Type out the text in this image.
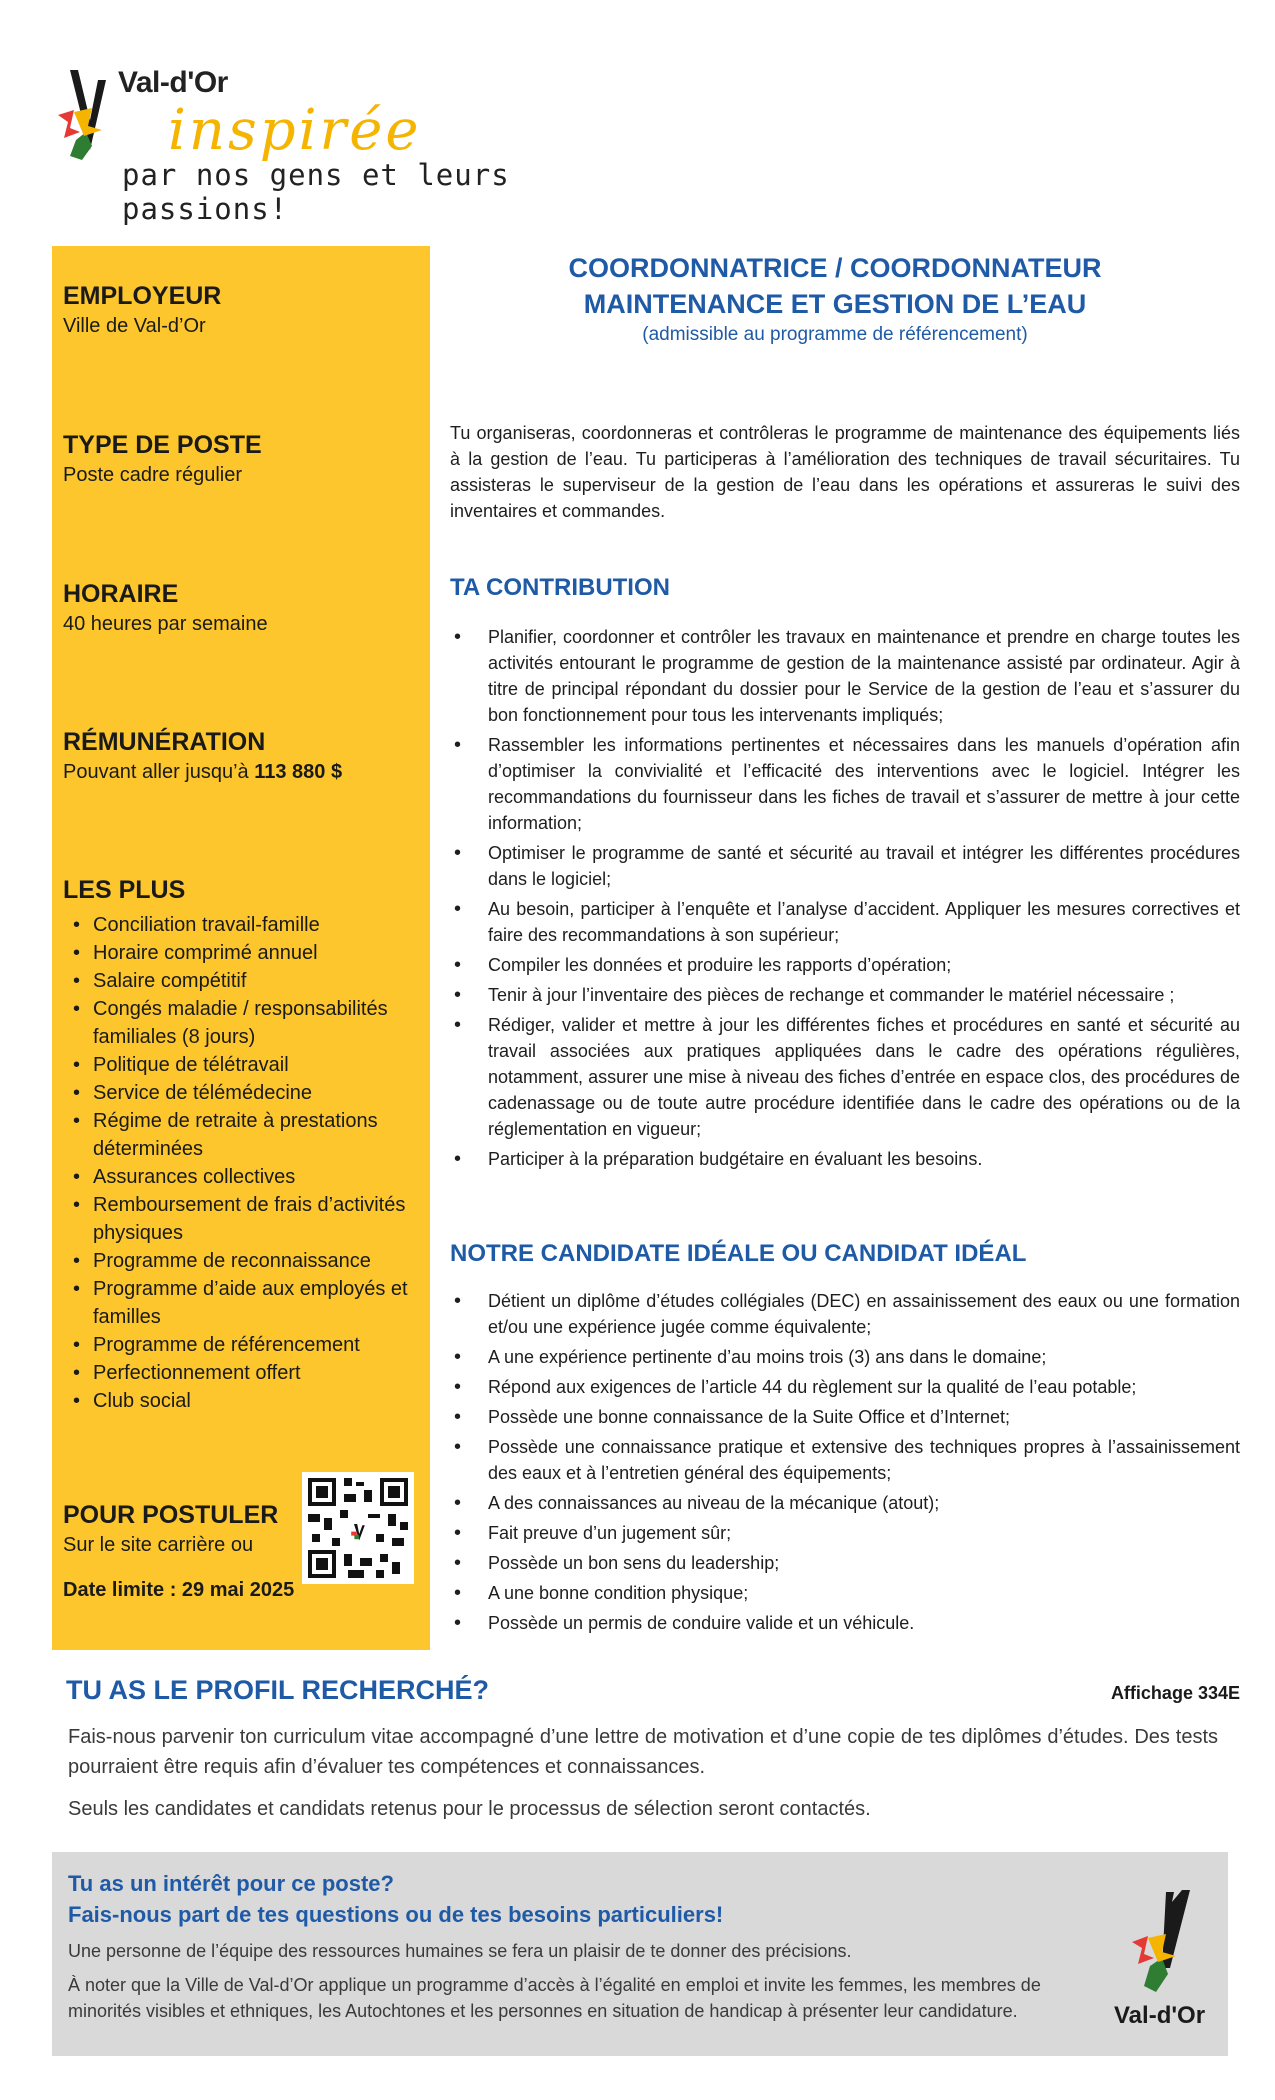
Val-d'Or
inspirée
par nos gens et leurs passions!

EMPLOYEUR

Ville de Val-d’Or

TYPE DE POSTE

Poste cadre régulier

HORAIRE

40 heures par semaine

RÉMUNÉRATION

Pouvant aller jusqu’à 113 880 $

LES PLUS

• Conciliation travail-famille
• Horaire comprimé annuel
• Salaire compétitif
• Congés maladie / responsabilités familiales (8 jours)
• Politique de télétravail
• Service de télémédecine
• Régime de retraite à prestations déterminées
• Assurances collectives
• Remboursement de frais d’activités physiques
• Programme de reconnaissance
• Programme d’aide aux employés et familles
• Programme de référencement
• Perfectionnement offert
• Club social

POUR POSTULER

Sur le site carrière ou

Date limite : 29 mai 2025

COORDONNATRICE / COORDONNATEUR
MAINTENANCE ET GESTION DE L’EAU
(admissible au programme de référencement)
Tu organiseras, coordonneras et contrôleras le programme de maintenance des équipements liés à la gestion de l’eau. Tu participeras à l’amélioration des techniques de travail sécuritaires. Tu assisteras le superviseur de la gestion de l’eau dans les opérations et assureras le suivi des inventaires et commandes.
TA CONTRIBUTION
• Planifier, coordonner et contrôler les travaux en maintenance et prendre en charge toutes les activités entourant le programme de gestion de la maintenance assisté par ordinateur. Agir à titre de principal répondant du dossier pour le Service de la gestion de l’eau et s’assurer du bon fonctionnement pour tous les intervenants impliqués;
• Rassembler les informations pertinentes et nécessaires dans les manuels d’opération afin d’optimiser la convivialité et l’efficacité des interventions avec le logiciel. Intégrer les recommandations du fournisseur dans les fiches de travail et s’assurer de mettre à jour cette information;
• Optimiser le programme de santé et sécurité au travail et intégrer les différentes procédures dans le logiciel;
• Au besoin, participer à l’enquête et l’analyse d’accident. Appliquer les mesures correctives et faire des recommandations à son supérieur;
• Compiler les données et produire les rapports d’opération;
• Tenir à jour l’inventaire des pièces de rechange et commander le matériel nécessaire ;
• Rédiger, valider et mettre à jour les différentes fiches et procédures en santé et sécurité au travail associées aux pratiques appliquées dans le cadre des opérations régulières, notamment, assurer une mise à niveau des fiches d’entrée en espace clos, des procédures de cadenassage ou de toute autre procédure identifiée dans le cadre des opérations ou de la réglementation en vigueur;
• Participer à la préparation budgétaire en évaluant les besoins.
NOTRE CANDIDATE IDÉALE OU CANDIDAT IDÉAL
• Détient un diplôme d’études collégiales (DEC) en assainissement des eaux ou une formation et/ou une expérience jugée comme équivalente;
• A une expérience pertinente d’au moins trois (3) ans dans le domaine;
• Répond aux exigences de l’article 44 du règlement sur la qualité de l’eau potable;
• Possède une bonne connaissance de la Suite Office et d’Internet;
• Possède une connaissance pratique et extensive des techniques propres à l’assainissement des eaux et à l’entretien général des équipements;
• A des connaissances au niveau de la mécanique (atout);
• Fait preuve d’un jugement sûr;
• Possède un bon sens du leadership;
• A une bonne condition physique;
• Possède un permis de conduire valide et un véhicule.
TU AS LE PROFIL RECHERCHÉ?	Affichage 334E
Fais-nous parvenir ton curriculum vitae accompagné d’une lettre de motivation et d’une copie de tes diplômes d’études. Des tests pourraient être requis afin d’évaluer tes compétences et connaissances.
Seuls les candidates et candidats retenus pour le processus de sélection seront contactés.
Tu as un intérêt pour ce poste?
Fais-nous part de tes questions ou de tes besoins particuliers!
Une personne de l’équipe des ressources humaines se fera un plaisir de te donner des précisions.
À noter que la Ville de Val-d’Or applique un programme d’accès à l’égalité en emploi et invite les femmes, les membres de minorités visibles et ethniques, les Autochtones et les personnes en situation de handicap à présenter leur candidature.	Val-d'Or
